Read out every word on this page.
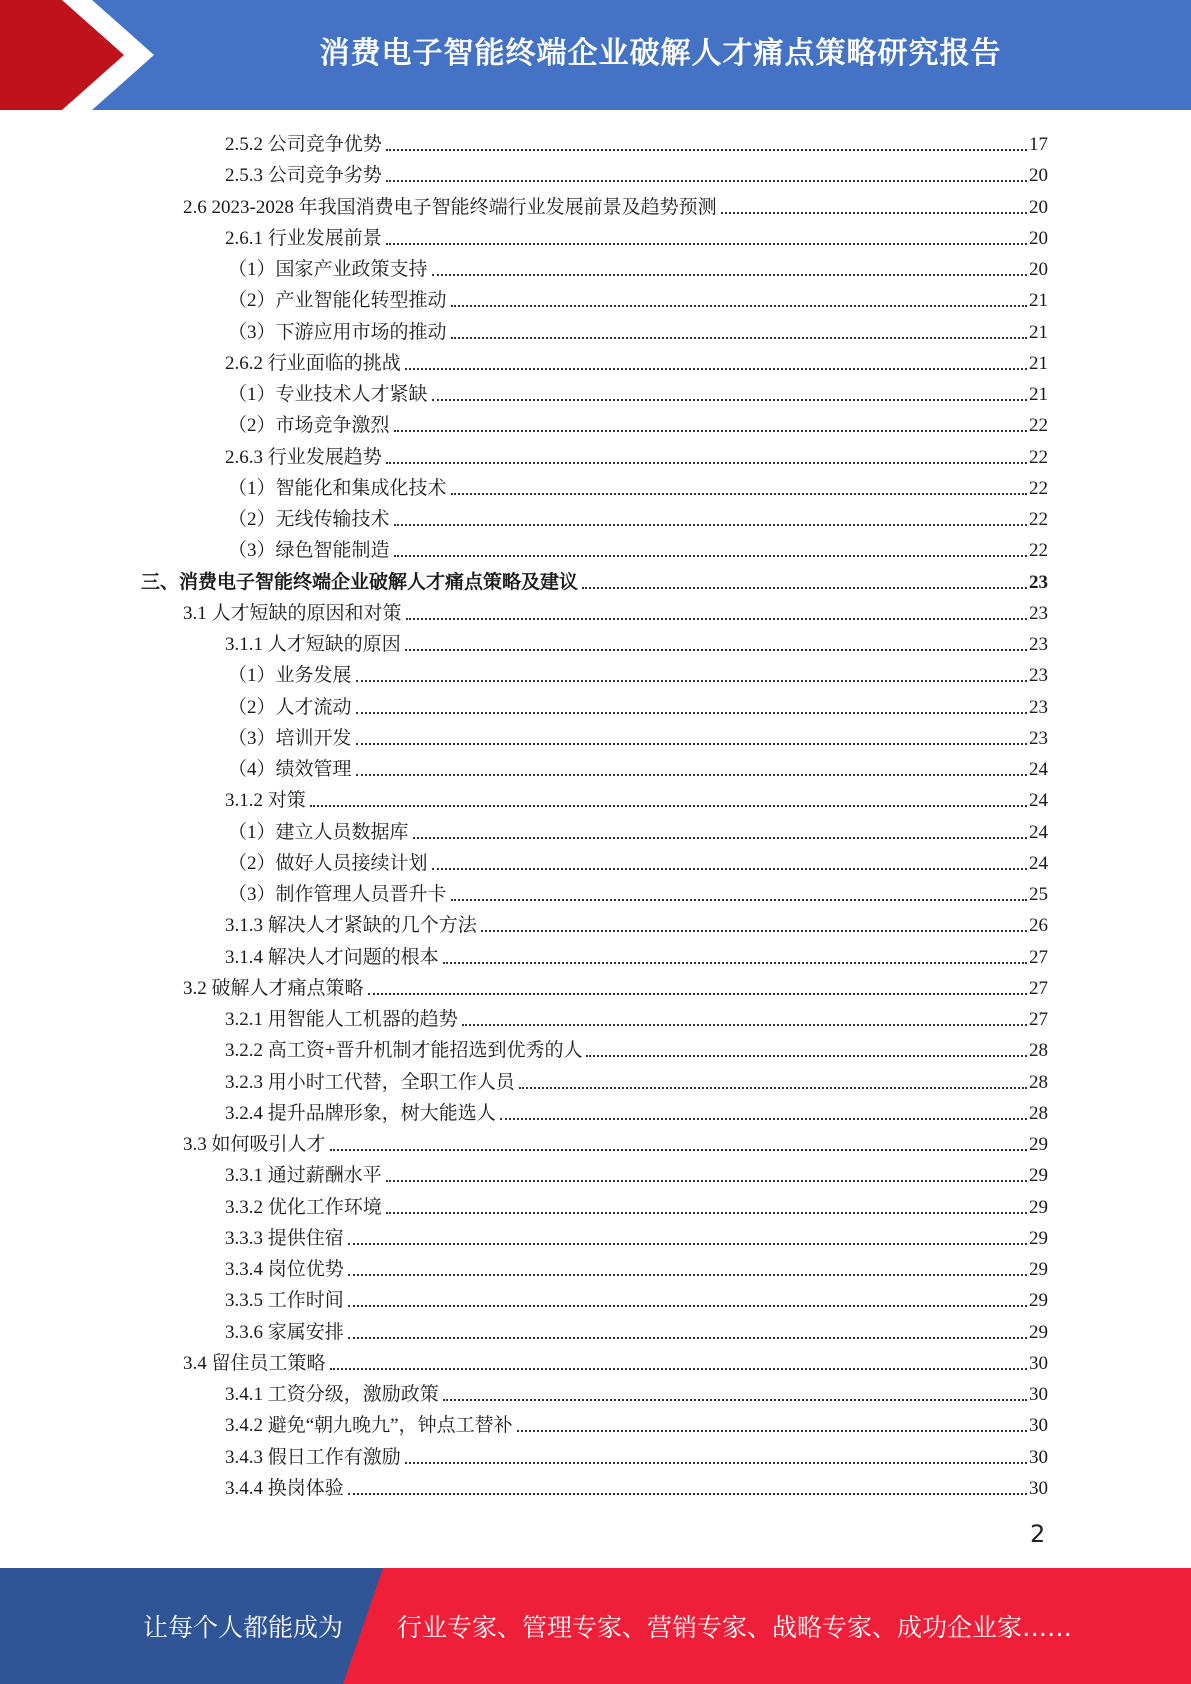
消费电子智能终端企业破解人才痛点策略研究报告
2.5.2 公司竞争优势	17
2.5.3 公司竞争劣势	20
2.6 2023-2028 年我国消费电子智能终端行业发展前景及趋势预测	20
2.6.1 行业发展前景	20
（1）国家产业政策支持	20
（2）产业智能化转型推动	21
（3）下游应用市场的推动	21
2.6.2 行业面临的挑战	21
（1）专业技术人才紧缺	21
（2）市场竞争激烈	22
2.6.3 行业发展趋势	22
（1）智能化和集成化技术	22
（2）无线传输技术	22
（3）绿色智能制造	22
三、消费电子智能终端企业破解人才痛点策略及建议	23
3.1 人才短缺的原因和对策	23
3.1.1 人才短缺的原因	23
（1）业务发展	23
（2）人才流动	23
（3）培训开发	23
（4）绩效管理	24
3.1.2 对策	24
（1）建立人员数据库	24
（2）做好人员接续计划	24
（3）制作管理人员晋升卡	25
3.1.3 解决人才紧缺的几个方法	26
3.1.4 解决人才问题的根本	27
3.2 破解人才痛点策略	27
3.2.1 用智能人工机器的趋势	27
3.2.2 高工资+晋升机制才能招选到优秀的人	28
3.2.3 用小时工代替，全职工作人员	28
3.2.4 提升品牌形象，树大能选人	28
3.3 如何吸引人才	29
3.3.1 通过薪酬水平	29
3.3.2 优化工作环境	29
3.3.3 提供住宿	29
3.3.4 岗位优势	29
3.3.5 工作时间	29
3.3.6 家属安排	29
3.4 留住员工策略	30
3.4.1 工资分级，激励政策	30
3.4.2 避免“朝九晚九”，钟点工替补	30
3.4.3 假日工作有激励	30
3.4.4 换岗体验	30
2
让每个人都能成为 行业专家、管理专家、营销专家、战略专家、成功企业家……
